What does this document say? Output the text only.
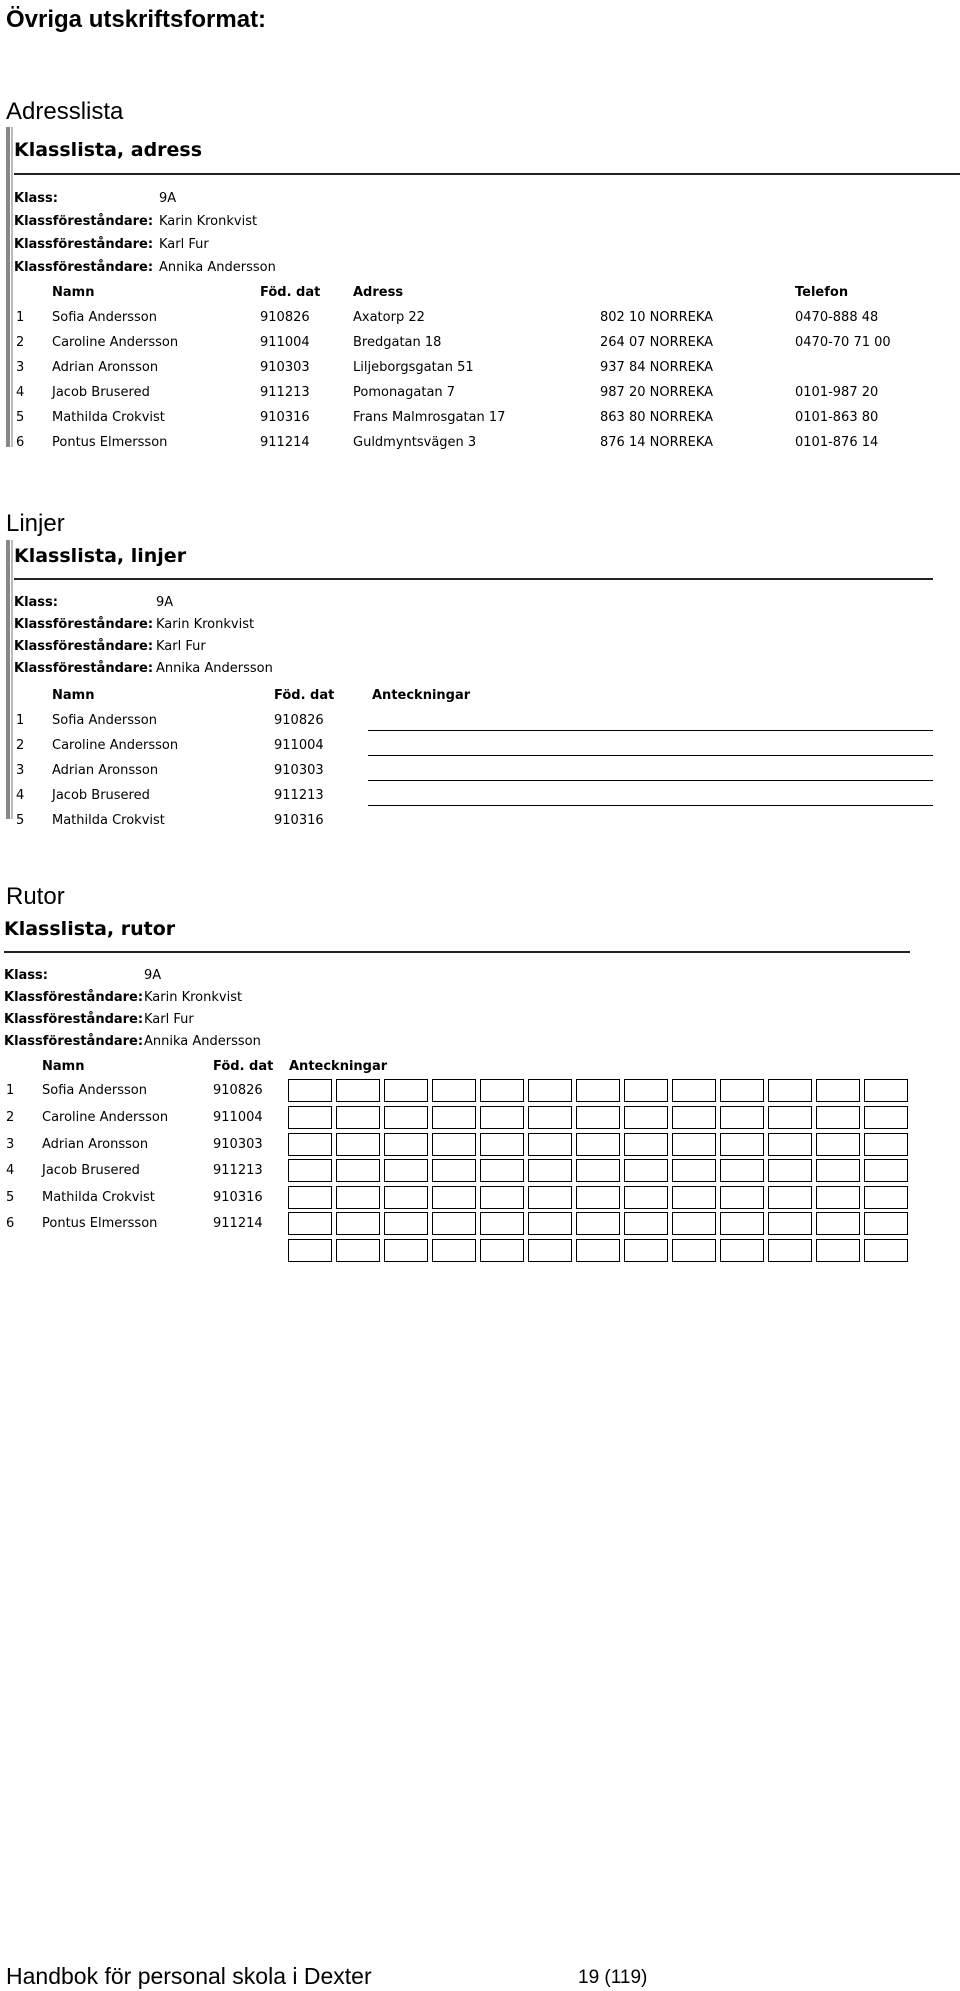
Övriga utskriftsformat:

Adresslista

Klasslista, adress
Klass:	9A
Klassföreståndare: Karin Kronkvist
Klassföreståndare: Karl Fur
Klassföreståndare: Annika Andersson
Namn	Föd. dat	Adress	Telefon
1 Sofia Andersson	910826	Axatorp 22	802 10 NORREKA	0470-888 48
2 Caroline Andersson	911004	Bredgatan 18	264 07 NORREKA	0470-70 71 00
3 Adrian Aronsson	910303	Liljeborgsgatan 51	937 84 NORREKA
4 Jacob Brusered	911213	Pomonagatan 7	987 20 NORREKA	0101-987 20
5 Mathilda Crokvist	910316	Frans Malmrosgatan 17	863 80 NORREKA	0101-863 80
6 Pontus Elmersson	911214	Guldmyntsvägen 3	876 14 NORREKA	0101-876 14

Linjer

Klasslista, linjer
Klass:	9A
Klassföreståndare: Karin Kronkvist
Klassföreståndare: Karl Fur
Klassföreståndare: Annika Andersson
Namn	Föd. dat	Anteckningar
1 Sofia Andersson	910826
2 Caroline Andersson	911004
3 Adrian Aronsson	910303
4 Jacob Brusered	911213
5 Mathilda Crokvist	910316

Rutor

Klasslista, rutor
Klass:	9A
Klassföreståndare:Karin Kronkvist
Klassföreståndare:Karl Fur
Klassföreståndare:Annika Andersson
Namn	Föd. dat Anteckningar
1 Sofia Andersson	910826
2 Caroline Andersson	911004
3 Adrian Aronsson	910303
4 Jacob Brusered	911213
5 Mathilda Crokvist	910316
6 Pontus Elmersson	911214
Handbok för personal skola i Dexter	19 (119)
